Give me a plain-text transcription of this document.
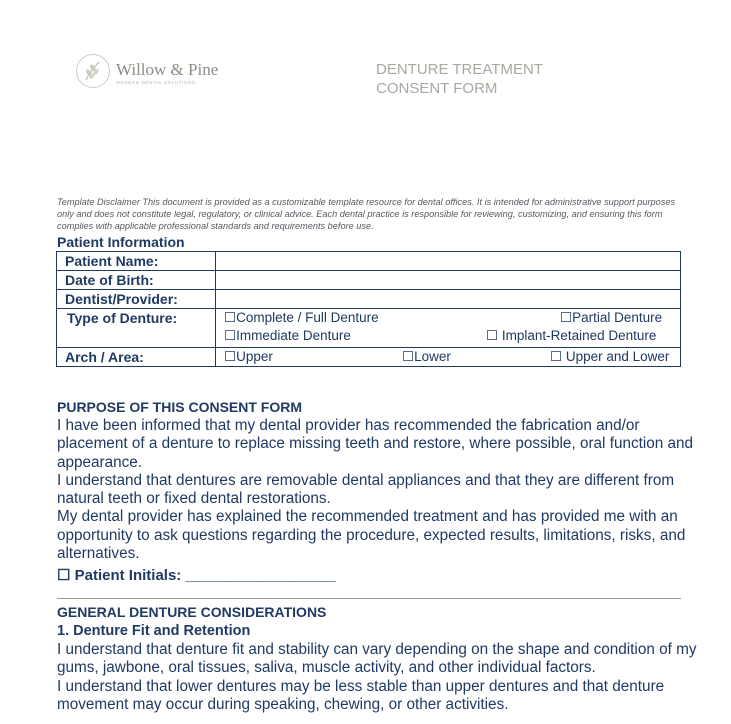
Willow & Pine
MODERN DENTAL SOLUTIONS
DENTURE TREATMENT
CONSENT FORM
Template Disclaimer This document is provided as a customizable template resource for dental offices. It is intended for administrative support purposes only and does not constitute legal, regulatory, or clinical advice. Each dental practice is responsible for reviewing, customizing, and ensuring this form complies with applicable professional standards and requirements before use.
Patient Information
Patient Name:	
Date of Birth:	
Dentist/Provider:	
Type of Denture:	☐Complete / Full Denture ☐Partial Denture
☐Immediate Denture ☐ Implant-Retained Denture

Arch / Area:	☐Upper ☐Lower ☐ Upper and Lower
PURPOSE OF THIS CONSENT FORM

I have been informed that my dental provider has recommended the fabrication and/or placement of a denture to replace missing teeth and restore, where possible, oral function and appearance.

I understand that dentures are removable dental appliances and that they are different from natural teeth or fixed dental restorations.

My dental provider has explained the recommended treatment and has provided me with an opportunity to ask questions regarding the procedure, expected results, limitations, risks, and alternatives.

☐ Patient Initials: __________________
GENERAL DENTURE CONSIDERATIONS
1. Denture Fit and Retention

I understand that denture fit and stability can vary depending on the shape and condition of my gums, jawbone, oral tissues, saliva, muscle activity, and other individual factors.

I understand that lower dentures may be less stable than upper dentures and that denture movement may occur during speaking, chewing, or other activities.
